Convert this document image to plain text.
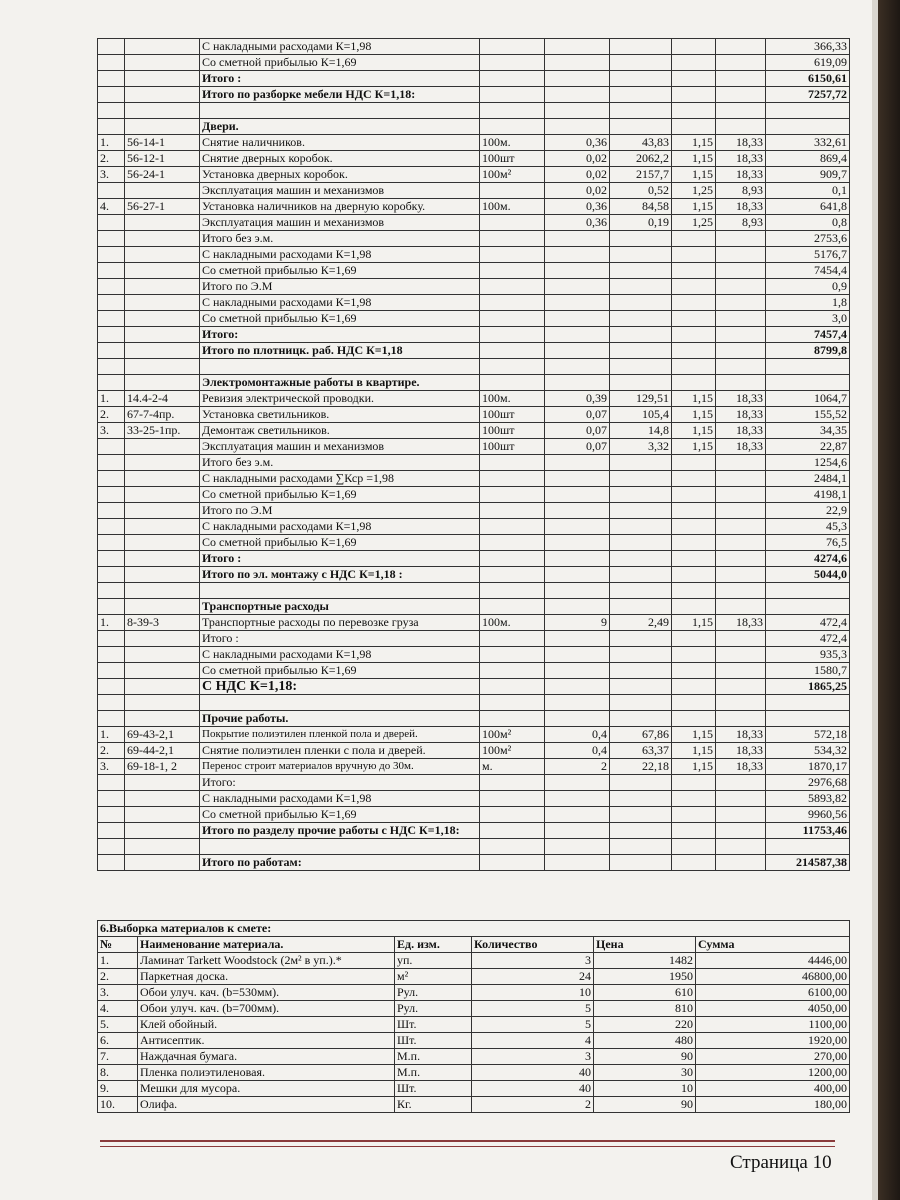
		С накладными расходами К=1,98						366,33
		Со сметной прибылью К=1,69						619,09
		Итого :						6150,61
		Итого по разборке мебели НДС К=1,18:						7257,72

		Двери.						
1.	56-14-1	Снятие наличников.	100м.	0,36	43,83	1,15	18,33	332,61
2.	56-12-1	Снятие дверных коробок.	100шт	0,02	2062,2	1,15	18,33	869,4
3.	56-24-1	Установка дверных коробок.	100м²	0,02	2157,7	1,15	18,33	909,7
		Эксплуатация машин и механизмов		0,02	0,52	1,25	8,93	0,1
4.	56-27-1	Установка наличников на дверную коробку.	100м.	0,36	84,58	1,15	18,33	641,8
		Эксплуатация машин и механизмов		0,36	0,19	1,25	8,93	0,8
		Итого без э.м.						2753,6
		С накладными расходами К=1,98						5176,7
		Со сметной прибылью К=1,69						7454,4
		Итого по Э.М						0,9
		С накладными расходами К=1,98						1,8
		Со сметной прибылью К=1,69						3,0
		Итого:						7457,4
		Итого по плотницк. раб. НДС К=1,18						8799,8

		Электромонтажные работы в квартире.						
1.	14.4-2-4	Ревизия электрической проводки.	100м.	0,39	129,51	1,15	18,33	1064,7
2.	67-7-4пр.	Установка светильников.	100шт	0,07	105,4	1,15	18,33	155,52
3.	33-25-1пр.	Демонтаж светильников.	100шт	0,07	14,8	1,15	18,33	34,35
		Эксплуатация машин и механизмов	100шт	0,07	3,32	1,15	18,33	22,87
		Итого без э.м.						1254,6
		С накладными расходами ∑Кср =1,98						2484,1
		Со сметной прибылью К=1,69						4198,1
		Итого по Э.М						22,9
		С накладными расходами К=1,98						45,3
		Со сметной прибылью К=1,69						76,5
		Итого :						4274,6
		Итого по эл. монтажу с НДС К=1,18 :						5044,0

		Транспортные расходы						
1.	8-39-3	Транспортные расходы по перевозке груза	100м.	9	2,49	1,15	18,33	472,4
		Итого :						472,4
		С накладными расходами К=1,98						935,3
		Со сметной прибылью К=1,69						1580,7
		С НДС К=1,18:						1865,25

		Прочие работы.						
1.	69-43-2,1	Покрытие полиэтилен пленкой пола и дверей.	100м²	0,4	67,86	1,15	18,33	572,18
2.	69-44-2,1	Снятие полиэтилен пленки с пола и дверей.	100м²	0,4	63,37	1,15	18,33	534,32
3.	69-18-1, 2	Перенос строит материалов вручную до 30м.	м.	2	22,18	1,15	18,33	1870,17
		Итого:						2976,68
		С накладными расходами К=1,98						5893,82
		Со сметной прибылью К=1,69						9960,56
		Итого по разделу прочие работы с НДС К=1,18:						11753,46

		Итого по работам:						214587,38
6.Выборка материалов к смете:					
№	Наименование материала.	Ед. изм.	Количество	Цена	Сумма
1.	Ламинат Tarkett Woodstock (2м² в уп.).*	уп.	3	1482	4446,00
2.	Паркетная доска.	м²	24	1950	46800,00
3.	Обои улуч. кач. (b=530мм).	Рул.	10	610	6100,00
4.	Обои улуч. кач. (b=700мм).	Рул.	5	810	4050,00
5.	Клей обойный.	Шт.	5	220	1100,00
6.	Антисептик.	Шт.	4	480	1920,00
7.	Наждачная бумага.	М.п.	3	90	270,00
8.	Пленка полиэтиленовая.	М.п.	40	30	1200,00
9.	Мешки для мусора.	Шт.	40	10	400,00
10.	Олифа.	Кг.	2	90	180,00
Страница 10
